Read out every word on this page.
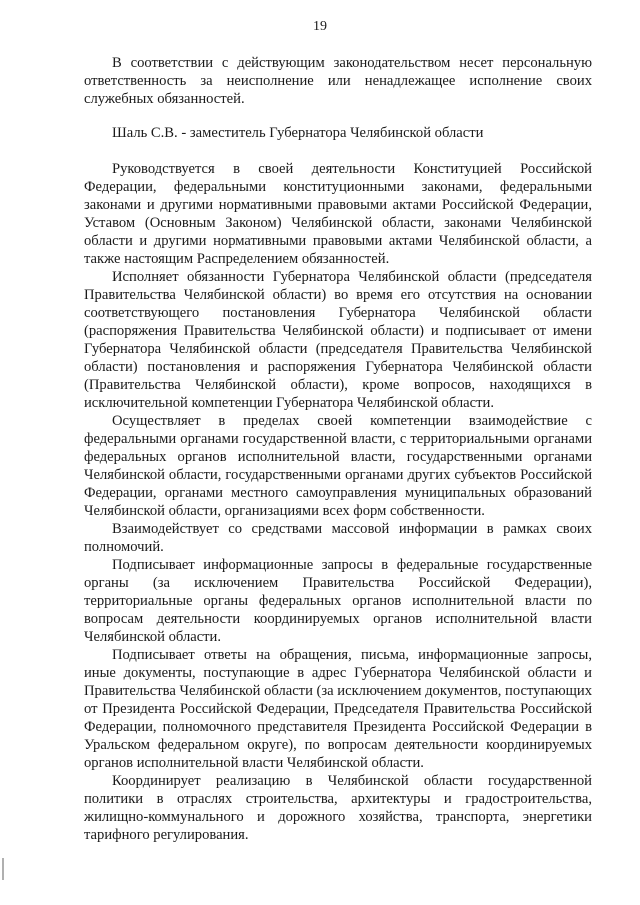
19

В соответствии с действующим законодательством несет персональную ответственность за неисполнение или ненадлежащее исполнение своих служебных обязанностей.

Шаль С.В. - заместитель Губернатора Челябинской области

Руководствуется в своей деятельности Конституцией Российской Федерации, федеральными конституционными законами, федеральными законами и другими нормативными правовыми актами Российской Федерации, Уставом (Основным Законом) Челябинской области, законами Челябинской области и другими нормативными правовыми актами Челябинской области, а также настоящим Распределением обязанностей.

Исполняет обязанности Губернатора Челябинской области (председателя Правительства Челябинской области) во время его отсутствия на основании соответствующего постановления Губернатора Челябинской области (распоряжения Правительства Челябинской области) и подписывает от имени Губернатора Челябинской области (председателя Правительства Челябинской области) постановления и распоряжения Губернатора Челябинской области (Правительства Челябинской области), кроме вопросов, находящихся в исключительной компетенции Губернатора Челябинской области.

Осуществляет в пределах своей компетенции взаимодействие с федеральными органами государственной власти, с территориальными органами федеральных органов исполнительной власти, государственными органами Челябинской области, государственными органами других субъектов Российской Федерации, органами местного самоуправления муниципальных образований Челябинской области, организациями всех форм собственности.

Взаимодействует со средствами массовой информации в рамках своих полномочий.

Подписывает информационные запросы в федеральные государственные органы (за исключением Правительства Российской Федерации), территориальные органы федеральных органов исполнительной власти по вопросам деятельности координируемых органов исполнительной власти Челябинской области.

Подписывает ответы на обращения, письма, информационные запросы, иные документы, поступающие в адрес Губернатора Челябинской области и Правительства Челябинской области (за исключением документов, поступающих от Президента Российской Федерации, Председателя Правительства Российской Федерации, полномочного представителя Президента Российской Федерации в Уральском федеральном округе), по вопросам деятельности координируемых органов исполнительной власти Челябинской области.

Координирует реализацию в Челябинской области государственной политики в отраслях строительства, архитектуры и градостроительства, жилищно-коммунального и дорожного хозяйства, транспорта, энергетики тарифного регулирования.
